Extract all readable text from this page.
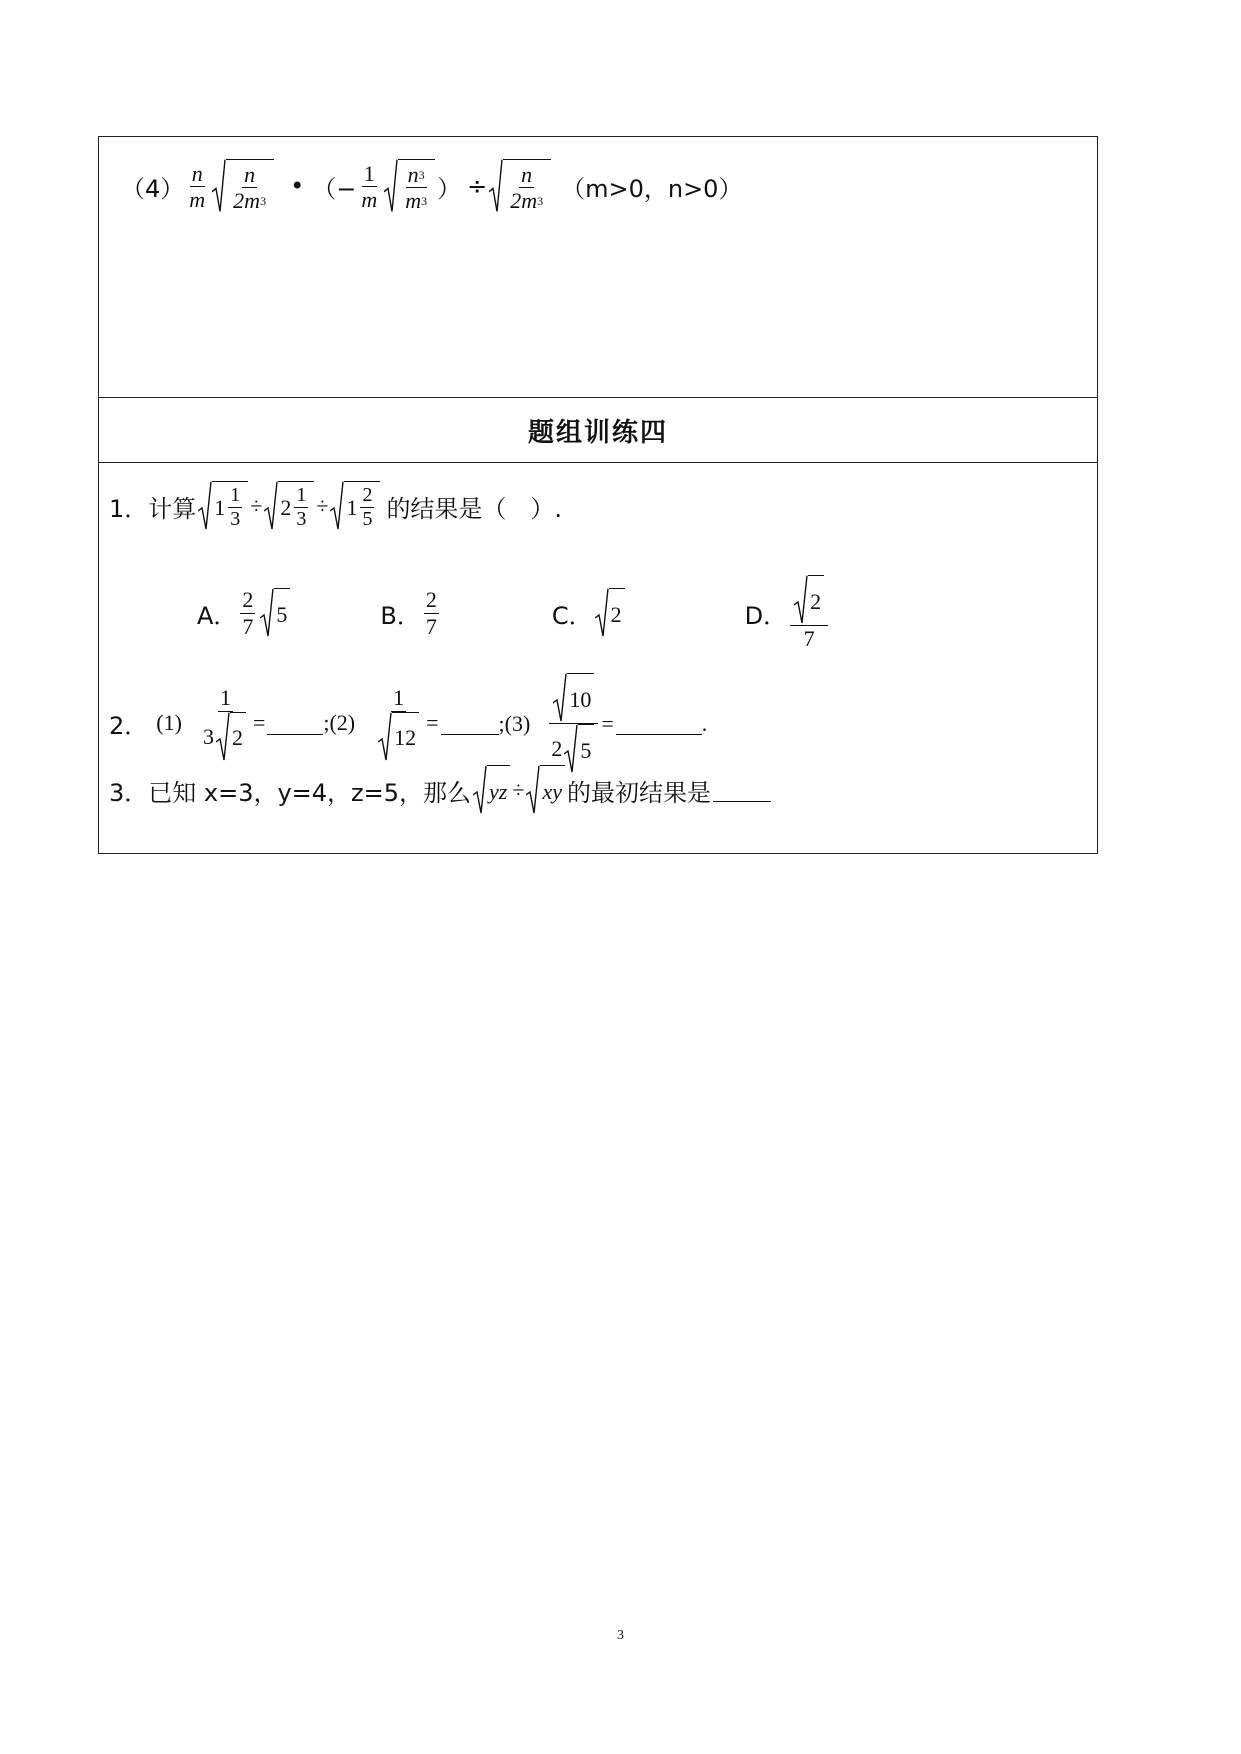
$(4) \frac{n}{m} \frac{n}{2m 3}$ • （− $\frac{1}{m} \frac{n 3}{m 3}$ ） ÷ $\frac{n}{2m 3} (m>0$，n>0）
题组训练四
1．计算 $1 \frac{1}{3} \div 2 \frac{1}{3} \div 1 \frac{2}{5}$ 的结果是（　）.
A． $\frac{2}{7} 5$	B． $\frac{2}{7}$	C． 2	D． $\frac{2}{7}$
2． $(1) \frac{1}{3 2}$ =	;(2) $\frac{1}{12}$ =	;(3) $\frac{10}{2 5}$ =	.
3．已知 x=3，y=4，z=5，那么 yz ÷ xy 的最初结果是
3
